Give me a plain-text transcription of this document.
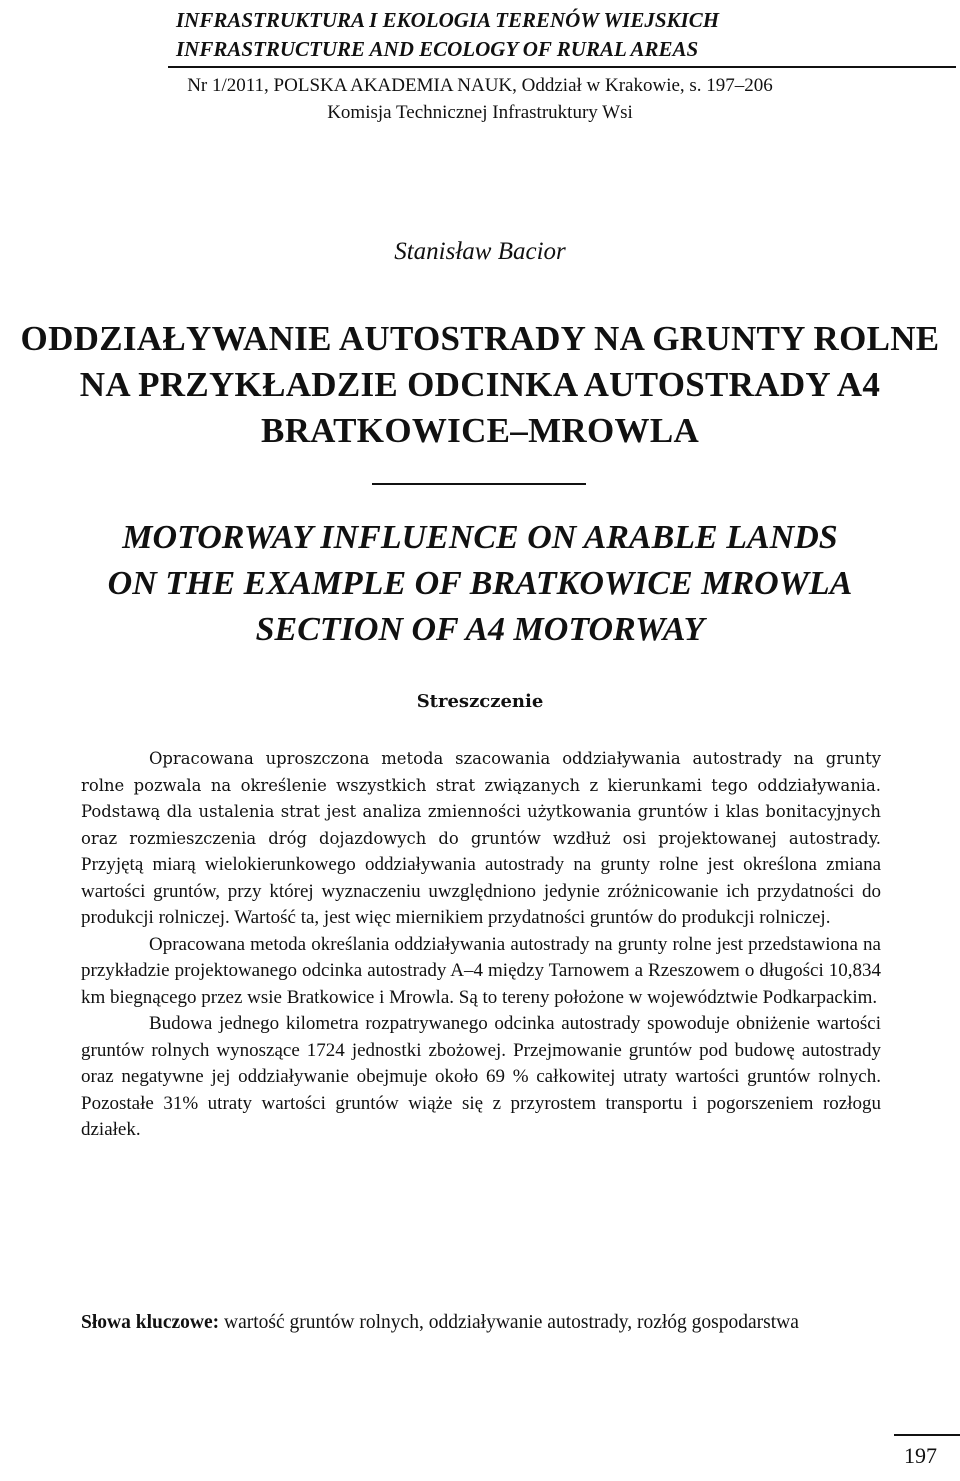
INFRASTRUKTURA I EKOLOGIA TERENÓW WIEJSKICH
INFRASTRUCTURE AND ECOLOGY OF RURAL AREAS
Nr 1/2011, POLSKA AKADEMIA NAUK, Oddział w Krakowie, s. 197–206
Komisja Technicznej Infrastruktury Wsi
Stanisław Bacior
ODDZIAŁYWANIE AUTOSTRADY NA GRUNTY ROLNE
NA PRZYKŁADZIE ODCINKA AUTOSTRADY A4
BRATKOWICE–MROWLA
MOTORWAY INFLUENCE ON ARABLE LANDS
ON THE EXAMPLE OF BRATKOWICE MROWLA
SECTION OF A4 MOTORWAY
Streszczenie

Opracowana uproszczona metoda szacowania oddziaływania autostrady na grunty rolne pozwala na określenie wszystkich strat związanych z kierunkami tego oddziaływania. Podstawą dla ustalenia strat jest analiza zmienności użytkowania gruntów i klas bonitacyjnych oraz rozmieszczenia dróg dojazdowych do gruntów wzdłuż osi projektowanej autostrady. Przyjętą miarą wielokierunkowego oddziaływania autostrady na grunty rolne jest określona zmiana wartości gruntów, przy której wyznaczeniu uwzględniono jedynie zróżnicowanie ich przydatności do produkcji rolniczej. Wartość ta, jest więc miernikiem przydatności gruntów do produkcji rolniczej.

Opracowana metoda określania oddziaływania autostrady na grunty rolne jest przedstawiona na przykładzie projektowanego odcinka autostrady A–4 między Tarnowem a Rzeszowem o długości 10,834 km biegnącego przez wsie Bratkowice i Mrowla. Są to tereny położone w województwie Podkarpackim.

Budowa jednego kilometra rozpatrywanego odcinka autostrady spowoduje obniżenie wartości gruntów rolnych wynoszące 1724 jednostki zbożowej. Przejmowanie gruntów pod budowę autostrady oraz negatywne jej oddziaływanie obejmuje około 69 % całkowitej utraty wartości gruntów rolnych. Pozostałe 31% utraty wartości gruntów wiąże się z przyrostem transportu i pogorszeniem rozłogu działek.

Słowa kluczowe: wartość gruntów rolnych, oddziaływanie autostrady, rozłóg gospodarstwa
197
